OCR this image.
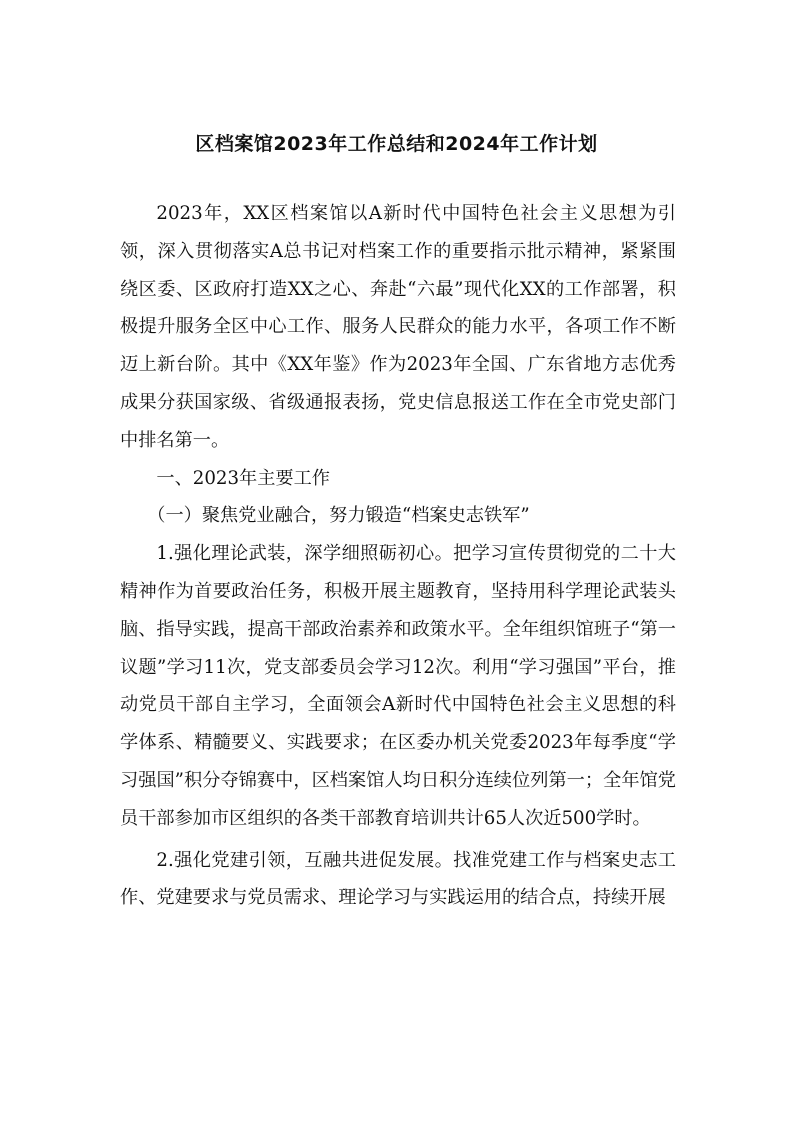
区档案馆2023年工作总结和2024年工作计划

2023年，XX区档案馆以A新时代中国特色社会主义思想为引领，深入贯彻落实A总书记对档案工作的重要指示批示精神，紧紧围绕区委、区政府打造XX之心、奔赴“六最”现代化XX的工作部署，积极提升服务全区中心工作、服务人民群众的能力水平，各项工作不断迈上新台阶。其中《XX年鉴》作为2023年全国、广东省地方志优秀成果分获国家级、省级通报表扬，党史信息报送工作在全市党史部门中排名第一。

一、2023年主要工作

（一）聚焦党业融合，努力锻造“档案史志铁军”

1.强化理论武装，深学细照砺初心。把学习宣传贯彻党的二十大精神作为首要政治任务，积极开展主题教育，坚持用科学理论武装头脑、指导实践，提高干部政治素养和政策水平。全年组织馆班子“第一议题”学习11次，党支部委员会学习12次。利用“学习强国”平台，推动党员干部自主学习，全面领会A新时代中国特色社会主义思想的科学体系、精髓要义、实践要求；在区委办机关党委2023年每季度“学习强国”积分夺锦赛中，区档案馆人均日积分连续位列第一；全年馆党员干部参加市区组织的各类干部教育培训共计65人次近500学时。

2.强化党建引领，互融共进促发展。找准党建工作与档案史志工作、党建要求与党员需求、理论学习与实践运用的结合点，持续开展
